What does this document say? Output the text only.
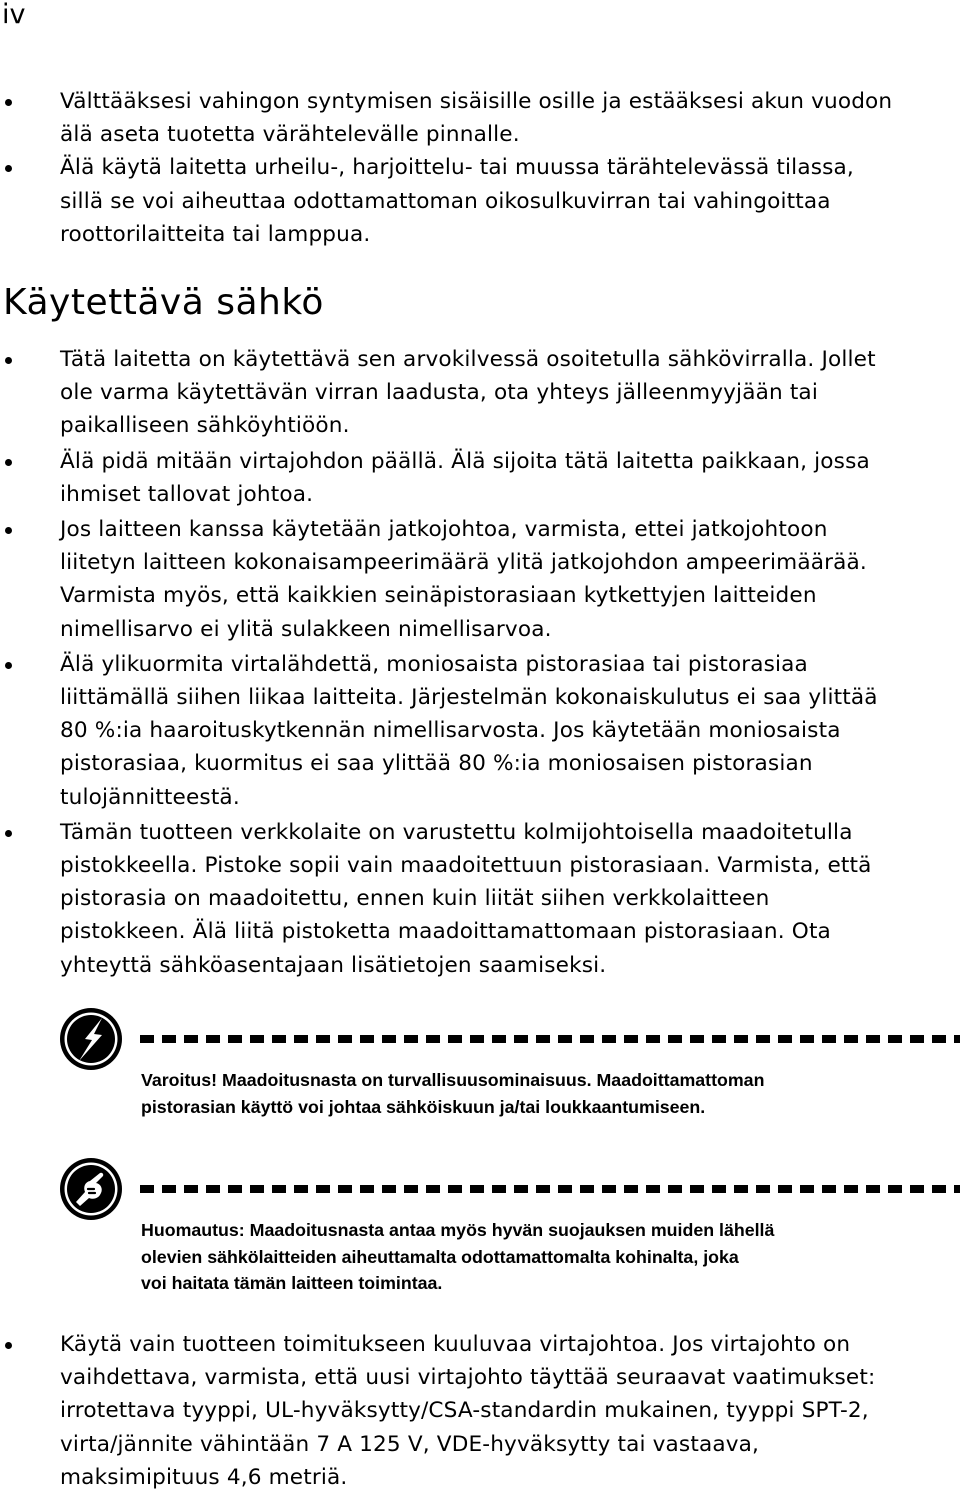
iv
Välttääksesi vahingon syntymisen sisäisille osille ja estääksesi akun vuodon
älä aseta tuotetta värähtelevälle pinnalle.
Älä käytä laitetta urheilu-, harjoittelu- tai muussa tärähtelevässä tilassa,
sillä se voi aiheuttaa odottamattoman oikosulkuvirran tai vahingoittaa
roottorilaitteita tai lamppua.
Käytettävä sähkö
Tätä laitetta on käytettävä sen arvokilvessä osoitetulla sähkövirralla. Jollet
ole varma käytettävän virran laadusta, ota yhteys jälleenmyyjään tai
paikalliseen sähköyhtiöön.
Älä pidä mitään virtajohdon päällä. Älä sijoita tätä laitetta paikkaan, jossa
ihmiset tallovat johtoa.
Jos laitteen kanssa käytetään jatkojohtoa, varmista, ettei jatkojohtoon
liitetyn laitteen kokonaisampeerimäärä ylitä jatkojohdon ampeerimäärää.
Varmista myös, että kaikkien seinäpistorasiaan kytkettyjen laitteiden
nimellisarvo ei ylitä sulakkeen nimellisarvoa.
Älä ylikuormita virtalähdettä, moniosaista pistorasiaa tai pistorasiaa
liittämällä siihen liikaa laitteita. Järjestelmän kokonaiskulutus ei saa ylittää
80 %:ia haaroituskytkennän nimellisarvosta. Jos käytetään moniosaista
pistorasiaa, kuormitus ei saa ylittää 80 %:ia moniosaisen pistorasian
tulojännitteestä.
Tämän tuotteen verkkolaite on varustettu kolmijohtoisella maadoitetulla
pistokkeella. Pistoke sopii vain maadoitettuun pistorasiaan. Varmista, että
pistorasia on maadoitettu, ennen kuin liität siihen verkkolaitteen
pistokkeen. Älä liitä pistoketta maadoittamattomaan pistorasiaan. Ota
yhteyttä sähköasentajaan lisätietojen saamiseksi.
Varoitus! Maadoitusnasta on turvallisuusominaisuus. Maadoittamattoman
pistorasian käyttö voi johtaa sähköiskuun ja/tai loukkaantumiseen.
Huomautus: Maadoitusnasta antaa myös hyvän suojauksen muiden lähellä
olevien sähkölaitteiden aiheuttamalta odottamattomalta kohinalta, joka
voi haitata tämän laitteen toimintaa.
Käytä vain tuotteen toimitukseen kuuluvaa virtajohtoa. Jos virtajohto on
vaihdettava, varmista, että uusi virtajohto täyttää seuraavat vaatimukset:
irrotettava tyyppi, UL-hyväksytty/CSA-standardin mukainen, tyyppi SPT-2,
virta/jännite vähintään 7 A 125 V, VDE-hyväksytty tai vastaava,
maksimipituus 4,6 metriä.
